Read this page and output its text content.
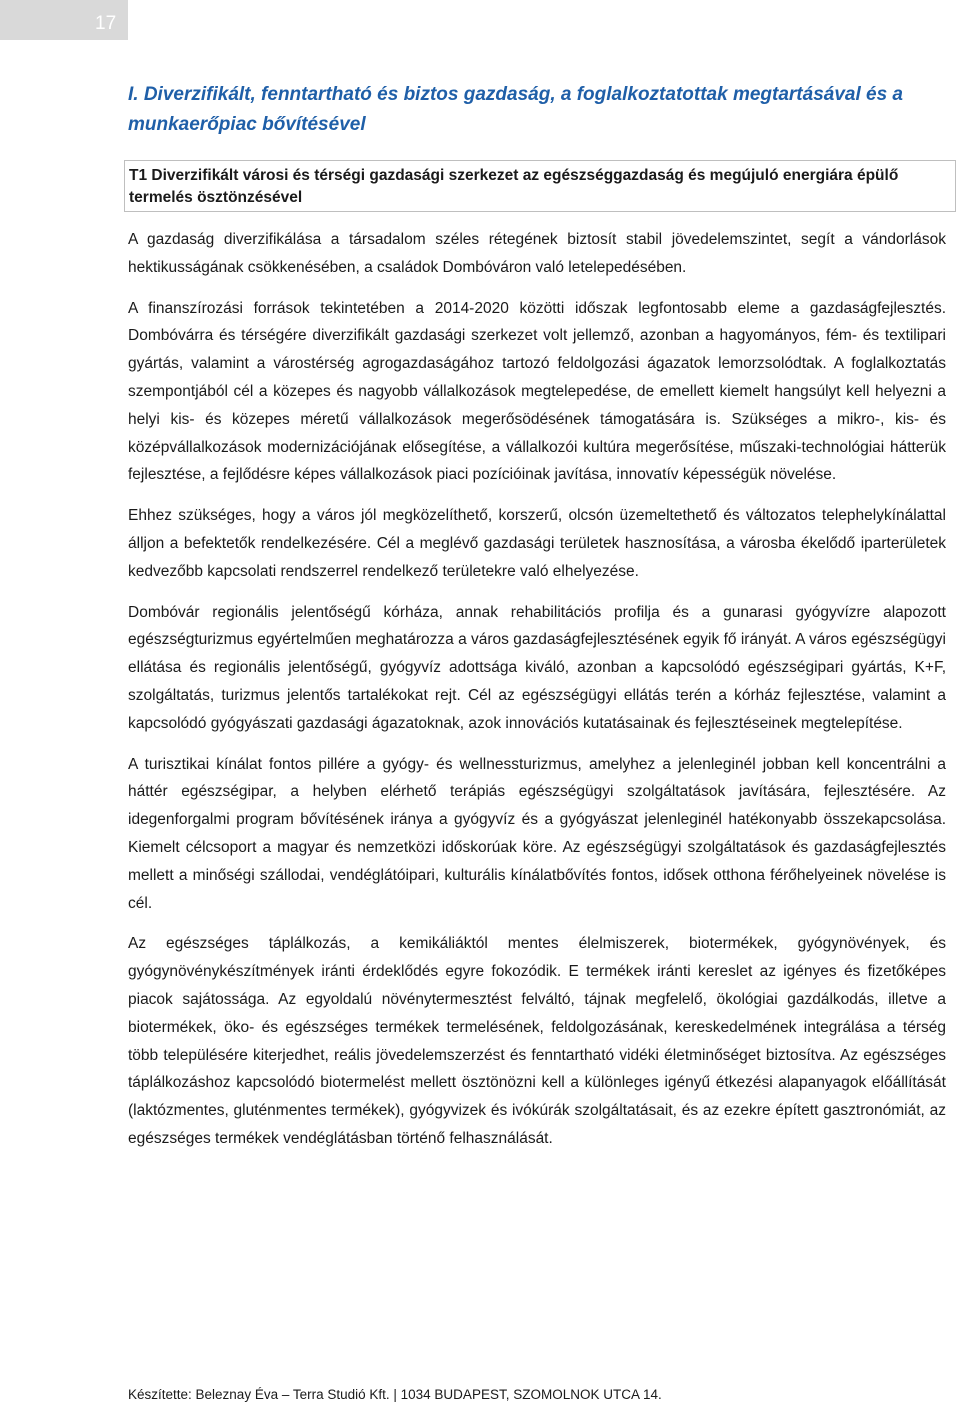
17
I. Diverzifikált, fenntartható és biztos gazdaság, a foglalkoztatottak megtartásával és a munkaerőpiac bővítésével
T1 Diverzifikált városi és térségi gazdasági szerkezet az egészséggazdaság és megújuló energiára épülő termelés ösztönzésével

A gazdaság diverzifikálása a társadalom széles rétegének biztosít stabil jövedelemszintet, segít a vándorlások hektikusságának csökkenésében, a családok Dombóváron való letelepedésében.

A finanszírozási források tekintetében a 2014-2020 közötti időszak legfontosabb eleme a gazdaságfejlesztés. Dombóvárra és térségére diverzifikált gazdasági szerkezet volt jellemző, azonban a hagyományos, fém- és textilipari gyártás, valamint a várostérség agrogazdaságához tartozó feldolgozási ágazatok lemorzsolódtak. A foglalkoztatás szempontjából cél a közepes és nagyobb vállalkozások megtelepedése, de emellett kiemelt hangsúlyt kell helyezni a helyi kis- és közepes méretű vállalkozások megerősödésének támogatására is. Szükséges a mikro-, kis- és középvállalkozások modernizációjának elősegítése, a vállalkozói kultúra megerősítése, műszaki-technológiai hátterük fejlesztése, a fejlődésre képes vállalkozások piaci pozícióinak javítása, innovatív képességük növelése.

Ehhez szükséges, hogy a város jól megközelíthető, korszerű, olcsón üzemeltethető és változatos telephelykínálattal álljon a befektetők rendelkezésére. Cél a meglévő gazdasági területek hasznosítása, a városba ékelődő iparterületek kedvezőbb kapcsolati rendszerrel rendelkező területekre való elhelyezése.

Dombóvár regionális jelentőségű kórháza, annak rehabilitációs profilja és a gunarasi gyógyvízre alapozott egészségturizmus egyértelműen meghatározza a város gazdaságfejlesztésének egyik fő irányát. A város egészségügyi ellátása és regionális jelentőségű, gyógyvíz adottsága kiváló, azonban a kapcsolódó egészségipari gyártás, K+F, szolgáltatás, turizmus jelentős tartalékokat rejt. Cél az egészségügyi ellátás terén a kórház fejlesztése, valamint a kapcsolódó gyógyászati gazdasági ágazatoknak, azok innovációs kutatásainak és fejlesztéseinek megtelepítése.

A turisztikai kínálat fontos pillére a gyógy- és wellnessturizmus, amelyhez a jelenleginél jobban kell koncentrálni a háttér egészségipar, a helyben elérhető terápiás egészségügyi szolgáltatások javítására, fejlesztésére. Az idegenforgalmi program bővítésének iránya a gyógyvíz és a gyógyászat jelenleginél hatékonyabb összekapcsolása. Kiemelt célcsoport a magyar és nemzetközi időskorúak köre. Az egészségügyi szolgáltatások és gazdaságfejlesztés mellett a minőségi szállodai, vendéglátóipari, kulturális kínálatbővítés fontos, idősek otthona férőhelyeinek növelése is cél.

Az egészséges táplálkozás, a kemikáliáktól mentes élelmiszerek, biotermékek, gyógynövények, és gyógynövénykészítmények iránti érdeklődés egyre fokozódik. E termékek iránti kereslet az igényes és fizetőképes piacok sajátossága. Az egyoldalú növénytermesztést felváltó, tájnak megfelelő, ökológiai gazdálkodás, illetve a biotermékek, öko- és egészséges termékek termelésének, feldolgozásának, kereskedelmének integrálása a térség több településére kiterjedhet, reális jövedelemszerzést és fenntartható vidéki életminőséget biztosítva. Az egészséges táplálkozáshoz kapcsolódó biotermelést mellett ösztönözni kell a különleges igényű étkezési alapanyagok előállítását (laktózmentes, gluténmentes termékek), gyógyvizek és ivókúrák szolgáltatásait, és az ezekre épített gasztronómiát, az egészséges termékek vendéglátásban történő felhasználását.

Készítette: Beleznay Éva – Terra Studió Kft. | 1034 BUDAPEST, SZOMOLNOK UTCA 14.
